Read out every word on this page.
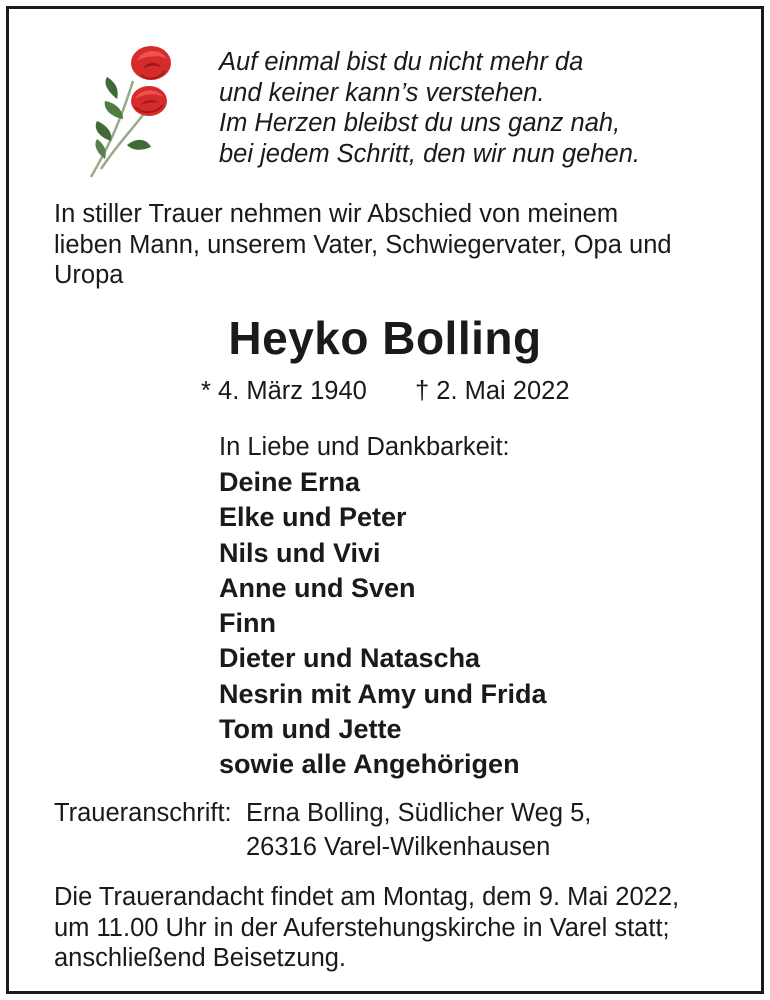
Auf einmal bist du nicht mehr da
und keiner kann’s verstehen.
Im Herzen bleibst du uns ganz nah,
bei jedem Schritt, den wir nun gehen.
In stiller Trauer nehmen wir Abschied von meinem
lieben Mann, unserem Vater, Schwiegervater, Opa und
Uropa
Heyko Bolling
* 4. März 1940 † 2. Mai 2022
In Liebe und Dankbarkeit:
Deine Erna
Elke und Peter
Nils und Vivi
Anne und Sven
Finn
Dieter und Natascha
Nesrin mit Amy und Frida
Tom und Jette
sowie alle Angehörigen
Traueranschrift: Erna Bolling, Südlicher Weg 5,
26316 Varel-Wilkenhausen
Die Trauerandacht findet am Montag, dem 9. Mai 2022,
um 11.00 Uhr in der Auferstehungskirche in Varel statt;
anschließend Beisetzung.
